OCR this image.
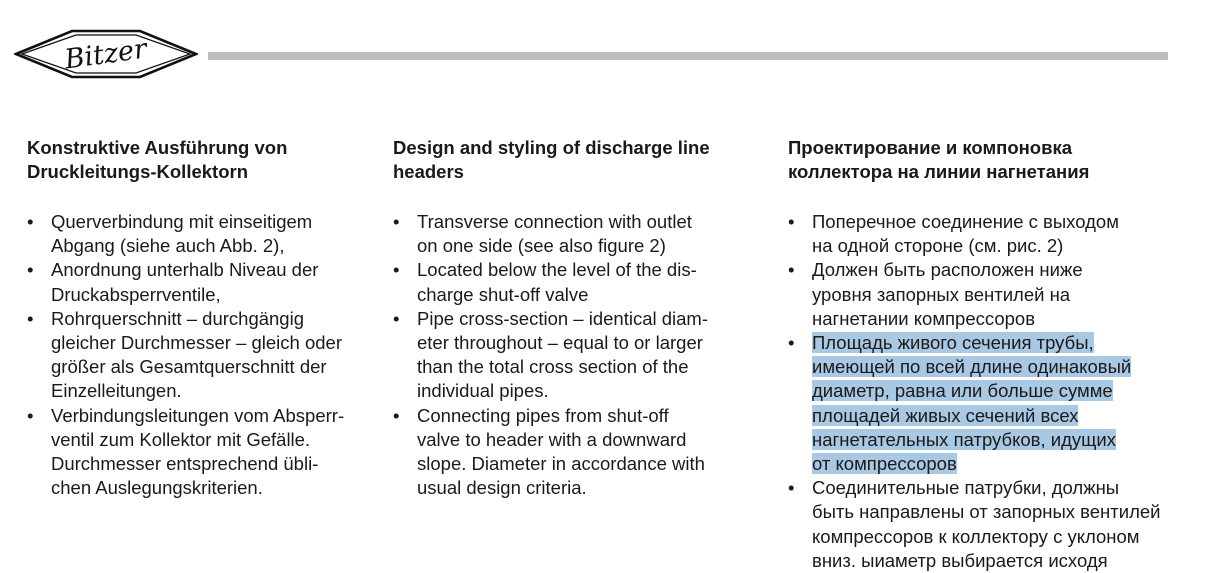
Bitzer
Konstruktive Ausführung von
Druckleitungs-Kollektorn
• Querverbindung mit einseitigem
Abgang (siehe auch Abb. 2),
• Anordnung unterhalb Niveau der
Druckabsperrventile,
• Rohrquerschnitt – durchgängig
gleicher Durchmesser – gleich oder
größer als Gesamtquerschnitt der
Einzelleitungen.
• Verbindungsleitungen vom Absperr-
ventil zum Kollektor mit Gefälle.
Durchmesser entsprechend übli-
chen Auslegungskriterien.
Design and styling of discharge line
headers
• Transverse connection with outlet
on one side (see also figure 2)
• Located below the level of the dis-
charge shut-off valve
• Pipe cross-section – identical diam-
eter throughout – equal to or larger
than the total cross section of the
individual pipes.
• Connecting pipes from shut-off
valve to header with a downward
slope. Diameter in accordance with
usual design criteria.
Проектирование и компоновка
коллектора на линии нагнетания
• Поперечное соединение с выходом
на одной стороне (см. рис. 2)
• Должен быть расположен ниже
уровня запорных вентилей на
нагнетании компрессоров
• Площадь живого сечения трубы,
имеющей по всей длине одинаковый
диаметр, равна или больше сумме
площадей живых сечений всех
нагнетательных патрубков, идущих
от компрессоров
• Соединительные патрубки, должны
быть направлены от запорных вентилей
компрессоров к коллектору с уклоном
вниз. ыиаметр выбирается исходя
